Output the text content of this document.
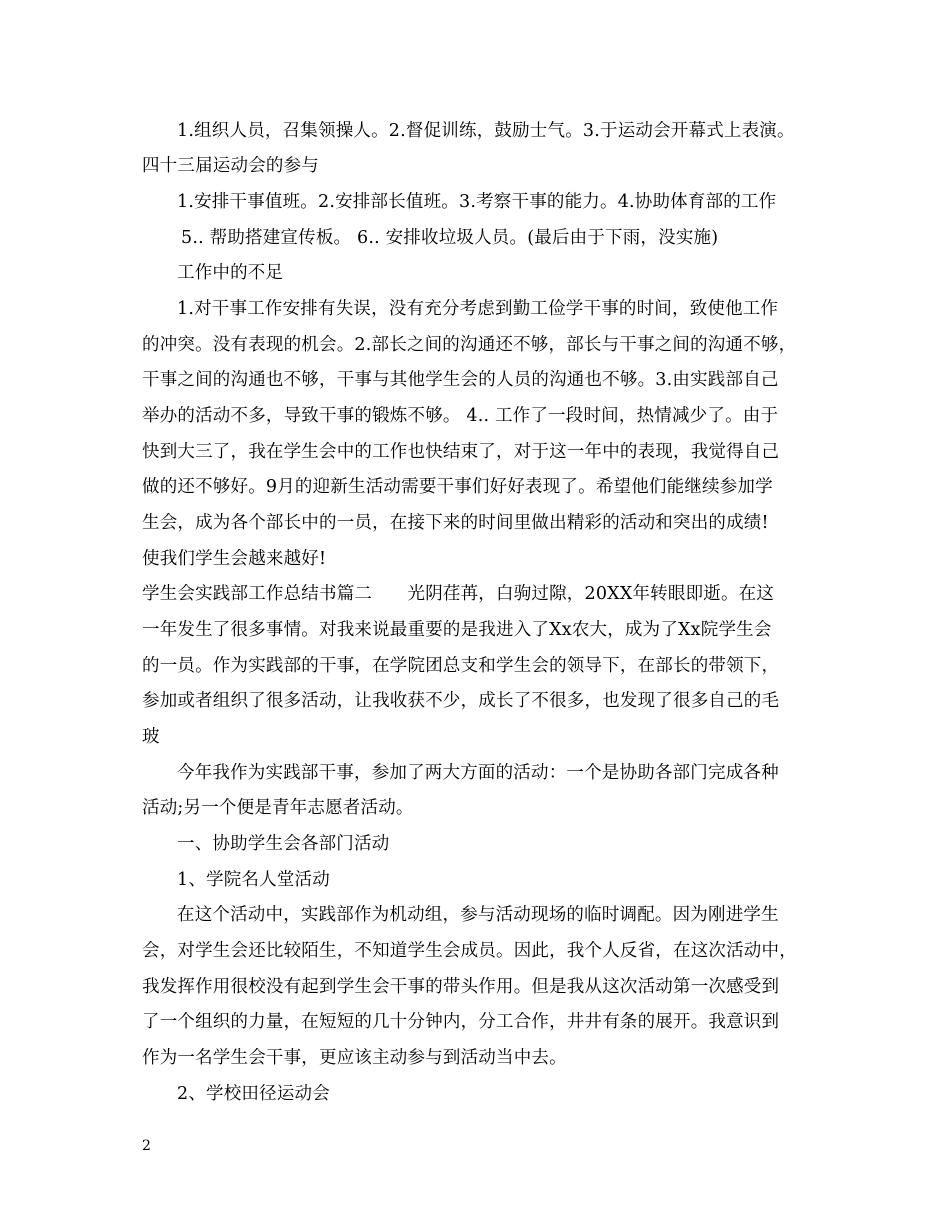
1.组织人员，召集领操人。2.督促训练，鼓励士气。3.于运动会开幕式上表演。
四十三届运动会的参与
1.安排干事值班。2.安排部长值班。3.考察干事的能力。4.协助体育部的工作
5.. 帮助搭建宣传板。 6.. 安排收垃圾人员。(最后由于下雨，没实施)
工作中的不足
1.对干事工作安排有失误，没有充分考虑到勤工俭学干事的时间，致使他工作
的冲突。没有表现的机会。2.部长之间的沟通还不够，部长与干事之间的沟通不够，
干事之间的沟通也不够，干事与其他学生会的人员的沟通也不够。3.由实践部自己
举办的活动不多，导致干事的锻炼不够。 4.. 工作了一段时间，热情减少了。由于
快到大三了，我在学生会中的工作也快结束了，对于这一年中的表现，我觉得自己
做的还不够好。9月的迎新生活动需要干事们好好表现了。希望他们能继续参加学
生会，成为各个部长中的一员，在接下来的时间里做出精彩的活动和突出的成绩!
使我们学生会越来越好!
学生会实践部工作总结书篇二　　光阴荏苒，白驹过隙，20XX年转眼即逝。在这
一年发生了很多事情。对我来说最重要的是我进入了Xx农大，成为了Xx院学生会
的一员。作为实践部的干事，在学院团总支和学生会的领导下，在部长的带领下，
参加或者组织了很多活动，让我收获不少，成长了不很多，也发现了很多自己的毛
玻
今年我作为实践部干事，参加了两大方面的活动：一个是协助各部门完成各种
活动;另一个便是青年志愿者活动。
一、协助学生会各部门活动
1、学院名人堂活动
在这个活动中，实践部作为机动组，参与活动现场的临时调配。因为刚进学生
会，对学生会还比较陌生，不知道学生会成员。因此，我个人反省，在这次活动中，
我发挥作用很校没有起到学生会干事的带头作用。但是我从这次活动第一次感受到
了一个组织的力量，在短短的几十分钟内，分工合作，井井有条的展开。我意识到
作为一名学生会干事，更应该主动参与到活动当中去。
2、学校田径运动会
2
